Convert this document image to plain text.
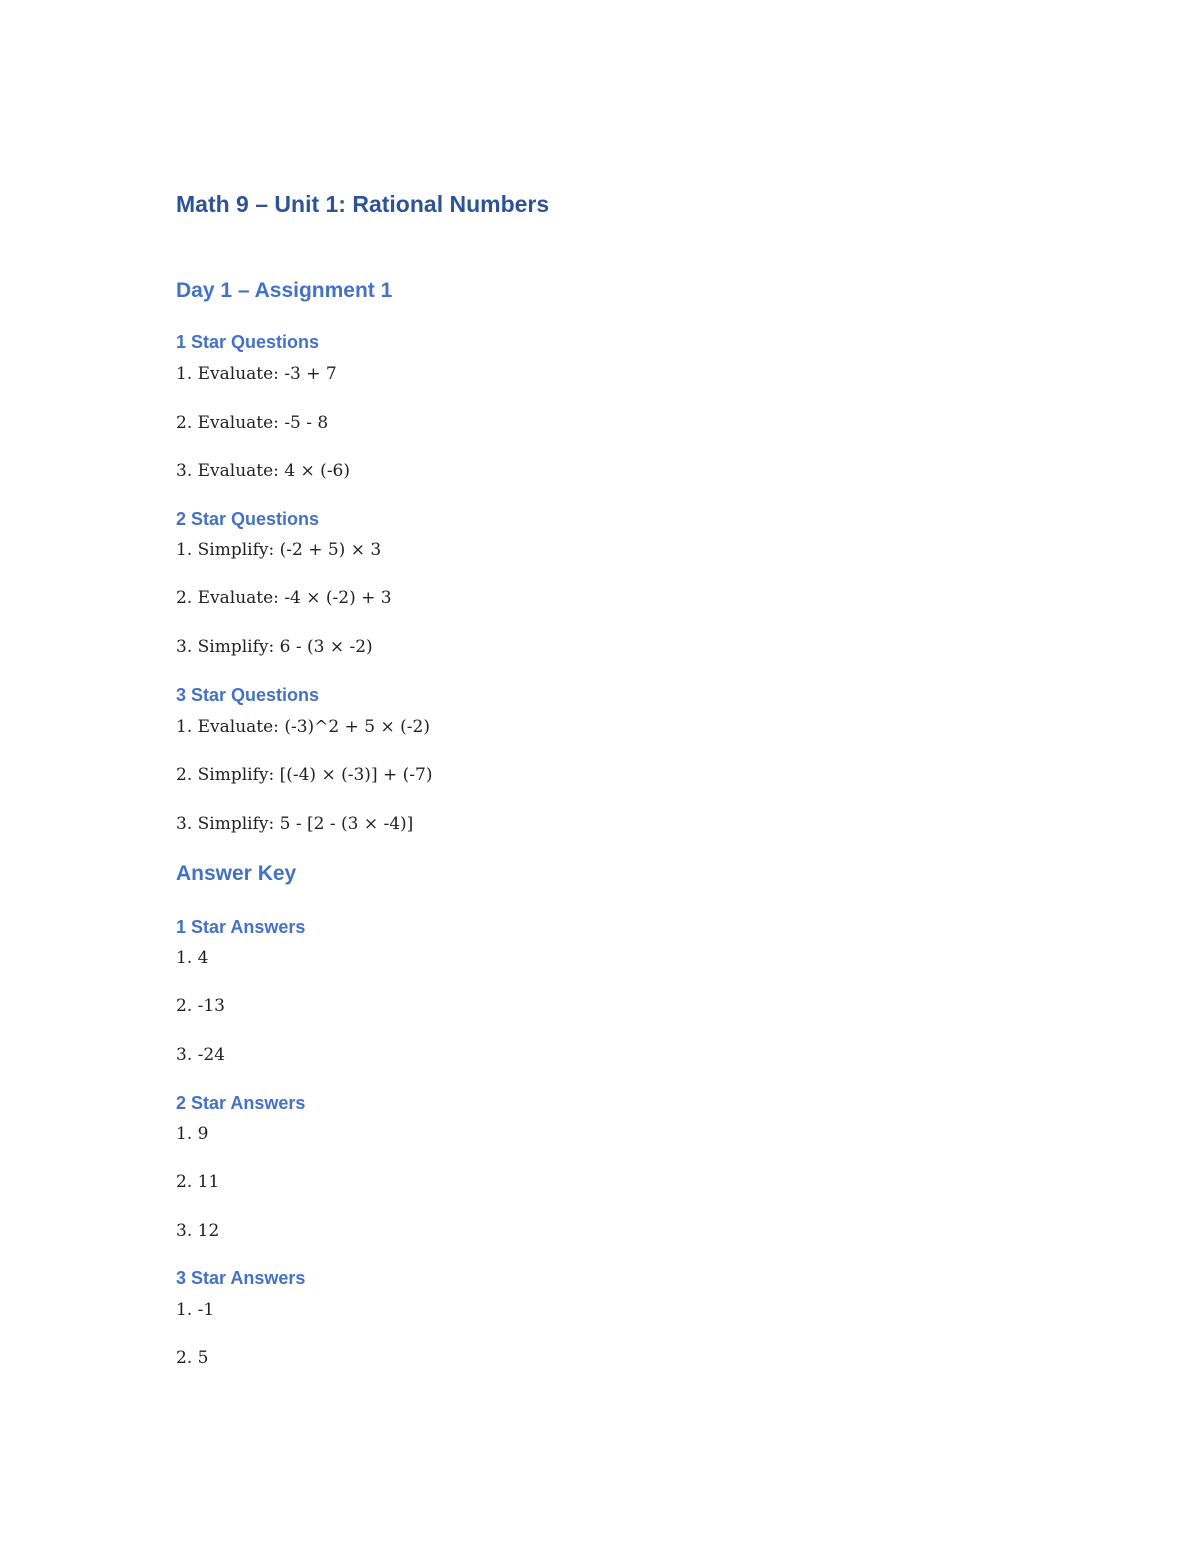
Math 9 – Unit 1: Rational Numbers
Day 1 – Assignment 1
1 Star Questions

1. Evaluate: -3 + 7

2. Evaluate: -5 - 8

3. Evaluate: 4 × (-6)

2 Star Questions

1. Simplify: (-2 + 5) × 3

2. Evaluate: -4 × (-2) + 3

3. Simplify: 6 - (3 × -2)

3 Star Questions

1. Evaluate: (-3)^2 + 5 × (-2)

2. Simplify: [(-4) × (-3)] + (-7)

3. Simplify: 5 - [2 - (3 × -4)]

Answer Key
1 Star Answers

1. 4

2. -13

3. -24

2 Star Answers

1. 9

2. 11

3. 12

3 Star Answers

1. -1

2. 5
